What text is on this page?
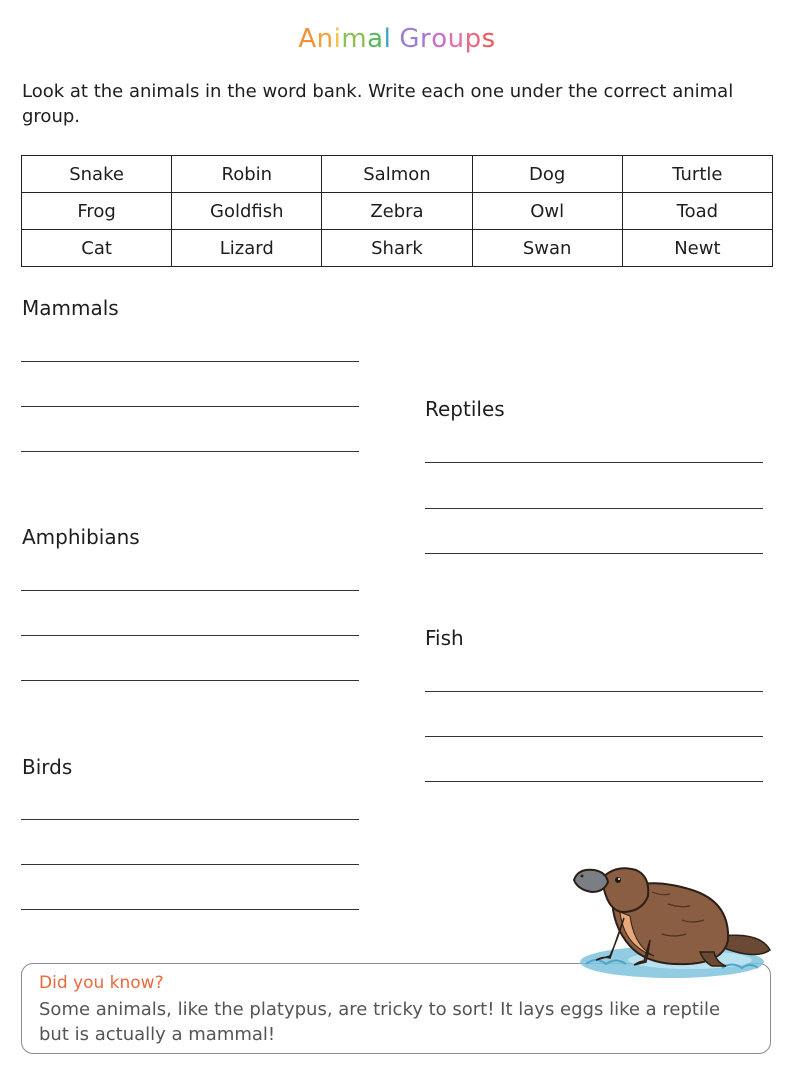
Animal Groups

Look at the animals in the word bank. Write each one under the correct animal group.

Snake	Robin	Salmon	Dog	Turtle
Frog	Goldfish	Zebra	Owl	Toad
Cat	Lizard	Shark	Swan	Newt
Mammals
Reptiles
Amphibians
Fish
Birds

Did you know?

Some animals, like the platypus, are tricky to sort! It lays eggs like a reptile but is actually a mammal!
